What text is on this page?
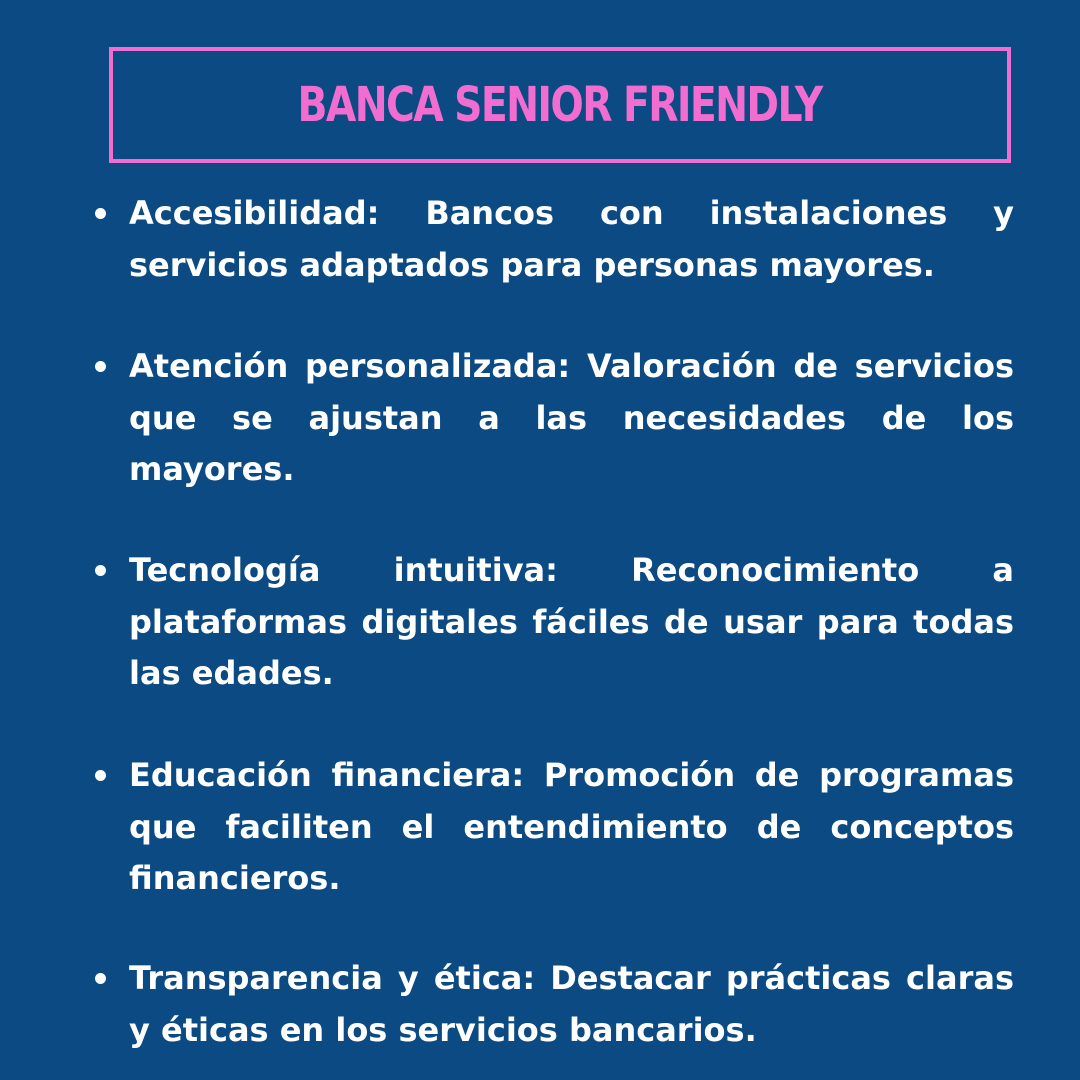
BANCA SENIOR FRIENDLY
Accesibilidad: Bancos con instalaciones y servicios adaptados para personas mayores.
Atención personalizada: Valoración de servicios que se ajustan a las necesidades de los mayores.
Tecnología intuitiva: Reconocimiento a plataformas digitales fáciles de usar para todas las edades.
Educación financiera: Promoción de programas que faciliten el entendimiento de conceptos financieros.
Transparencia y ética: Destacar prácticas claras y éticas en los servicios bancarios.
